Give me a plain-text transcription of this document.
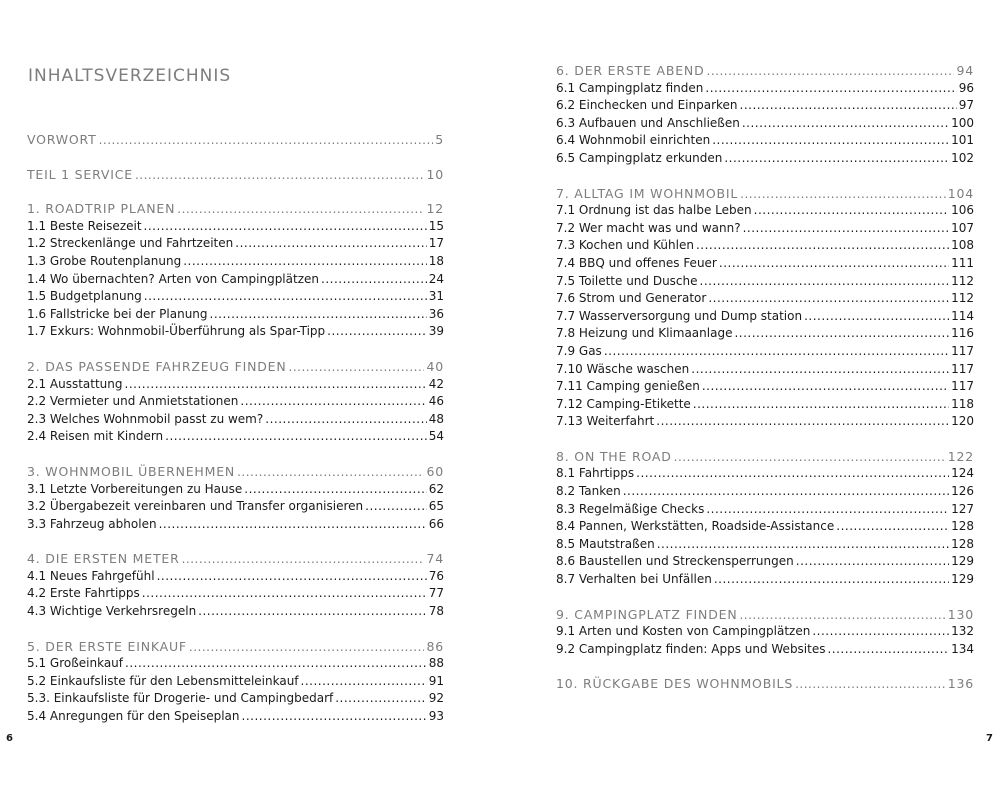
INHALTSVERZEICHNIS
VORWORT .....	5
TEIL 1 SERVICE .....	10
1. ROADTRIP PLANEN .....	12
1.1 Beste Reisezeit .....	15
1.2 Streckenlänge und Fahrtzeiten .....	17
1.3 Grobe Routenplanung .....	18
1.4 Wo übernachten? Arten von Campingplätzen .....	24
1.5 Budgetplanung .....	31
1.6 Fallstricke bei der Planung .....	36
1.7 Exkurs: Wohnmobil-Überführung als Spar-Tipp .....	39
2. DAS PASSENDE FAHRZEUG FINDEN .....	40
2.1 Ausstattung .....	42
2.2 Vermieter und Anmietstationen .....	46
2.3 Welches Wohnmobil passt zu wem? .....	48
2.4 Reisen mit Kindern .....	54
3. WOHNMOBIL ÜBERNEHMEN .....	60
3.1 Letzte Vorbereitungen zu Hause .....	62
3.2 Übergabezeit vereinbaren und Transfer organisieren .....	65
3.3 Fahrzeug abholen .....	66
4. DIE ERSTEN METER .....	74
4.1 Neues Fahrgefühl .....	76
4.2 Erste Fahrtipps .....	77
4.3 Wichtige Verkehrsregeln .....	78
5. DER ERSTE EINKAUF .....	86
5.1 Großeinkauf .....	88
5.2 Einkaufsliste für den Lebensmitteleinkauf .....	91
5.3. Einkaufsliste für Drogerie- und Campingbedarf .....	92
5.4 Anregungen für den Speiseplan .....	93
6. DER ERSTE ABEND .....	94
6.1 Campingplatz finden .....	96
6.2 Einchecken und Einparken .....	97
6.3 Aufbauen und Anschließen .....	100
6.4 Wohnmobil einrichten .....	101
6.5 Campingplatz erkunden .....	102
7. ALLTAG IM WOHNMOBIL .....	104
7.1 Ordnung ist das halbe Leben .....	106
7.2 Wer macht was und wann? .....	107
7.3 Kochen und Kühlen .....	108
7.4 BBQ und offenes Feuer .....	111
7.5 Toilette und Dusche .....	112
7.6 Strom und Generator .....	112
7.7 Wasserversorgung und Dump station .....	114
7.8 Heizung und Klimaanlage .....	116
7.9 Gas .....	117
7.10 Wäsche waschen .....	117
7.11 Camping genießen .....	117
7.12 Camping-Etikette .....	118
7.13 Weiterfahrt .....	120
8. ON THE ROAD .....	122
8.1 Fahrtipps .....	124
8.2 Tanken .....	126
8.3 Regelmäßige Checks .....	127
8.4 Pannen, Werkstätten, Roadside-Assistance .....	128
8.5 Mautstraßen .....	128
8.6 Baustellen und Streckensperrungen .....	129
8.7 Verhalten bei Unfällen .....	129
9. CAMPINGPLATZ FINDEN .....	130
9.1 Arten und Kosten von Campingplätzen .....	132
9.2 Campingplatz finden: Apps und Websites .....	134
10. RÜCKGABE DES WOHNMOBILS .....	136
6	7
